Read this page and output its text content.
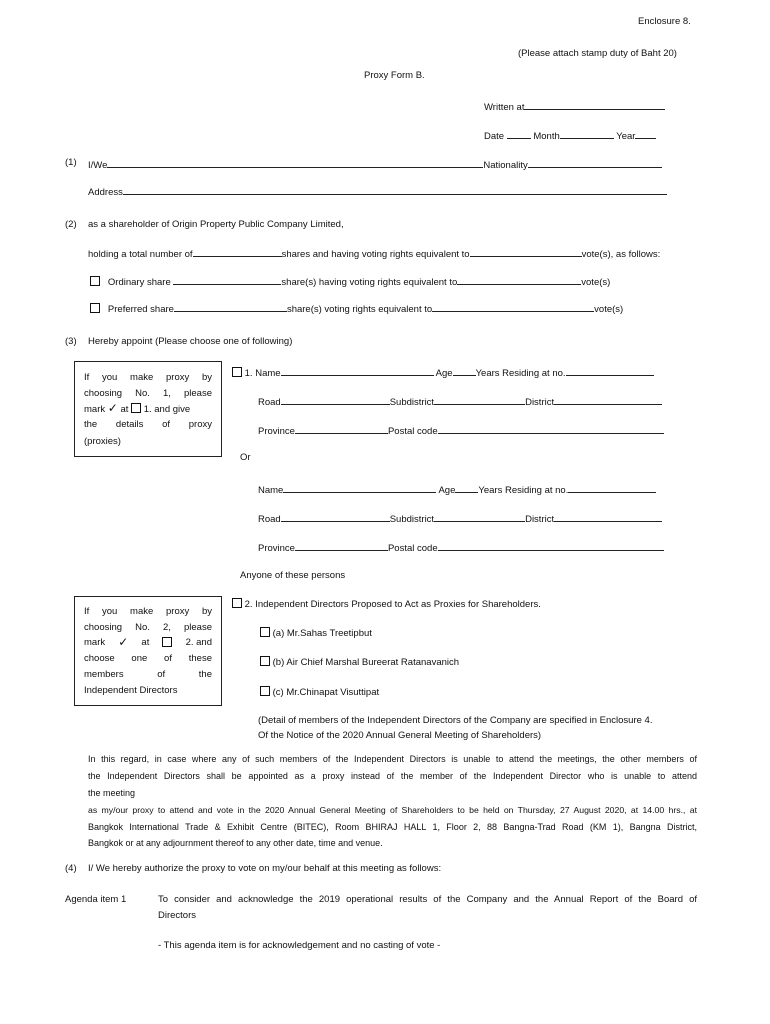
Enclosure 8.
(Please attach stamp duty of Baht 20)
Proxy Form B.
Written at
Date	Month	Year
(1) I/We	Nationality
Address
(2) as a shareholder of Origin Property Public Company Limited,
holding a total number of	shares and having voting rights equivalent to	vote(s), as follows:
Ordinary share	share(s) having voting rights equivalent to	vote(s)
Preferred share	share(s) voting rights equivalent to	vote(s)
(3) Hereby appoint (Please choose one of following)
If you make proxy by
choosing No. 1, please
mark ✓ at 1. and give
the details of proxy
(proxies)
1. Name	Age Years Residing at no.
Road	Subdistrict	District
Province	Postal code
Or
Name	Age Years Residing at no.
Road	Subdistrict	District
Province	Postal code
Anyone of these persons
If you make proxy by
choosing No. 2, please
mark ✓ at	2. and
choose one of these
members of the
Independent Directors
2. Independent Directors Proposed to Act as Proxies for Shareholders.
(a) Mr.Sahas Treetipbut
(b) Air Chief Marshal Bureerat Ratanavanich
(c) Mr.Chinapat Visuttipat
(Detail of members of the Independent Directors of the Company are specified in Enclosure 4.
Of the Notice of the 2020 Annual General Meeting of Shareholders)
In this regard, in case where any of such members of the Independent Directors is unable to attend the meetings, the other members of
the Independent Directors shall be appointed as a proxy instead of the member of the Independent Director who is unable to attend
the meeting
as my/our proxy to attend and vote in the 2020 Annual General Meeting of Shareholders to be held on Thursday, 27 August 2020, at 14.00 hrs., at
Bangkok International Trade & Exhibit Centre (BITEC), Room BHIRAJ HALL 1, Floor 2, 88 Bangna-Trad Road (KM 1), Bangna District,
Bangkok or at any adjournment thereof to any other date, time and venue.
(4) I/ We hereby authorize the proxy to vote on my/our behalf at this meeting as follows:
Agenda item 1	To consider and acknowledge the 2019 operational results of the Company and the Annual Report of the Board of
Directors
- This agenda item is for acknowledgement and no casting of vote -
